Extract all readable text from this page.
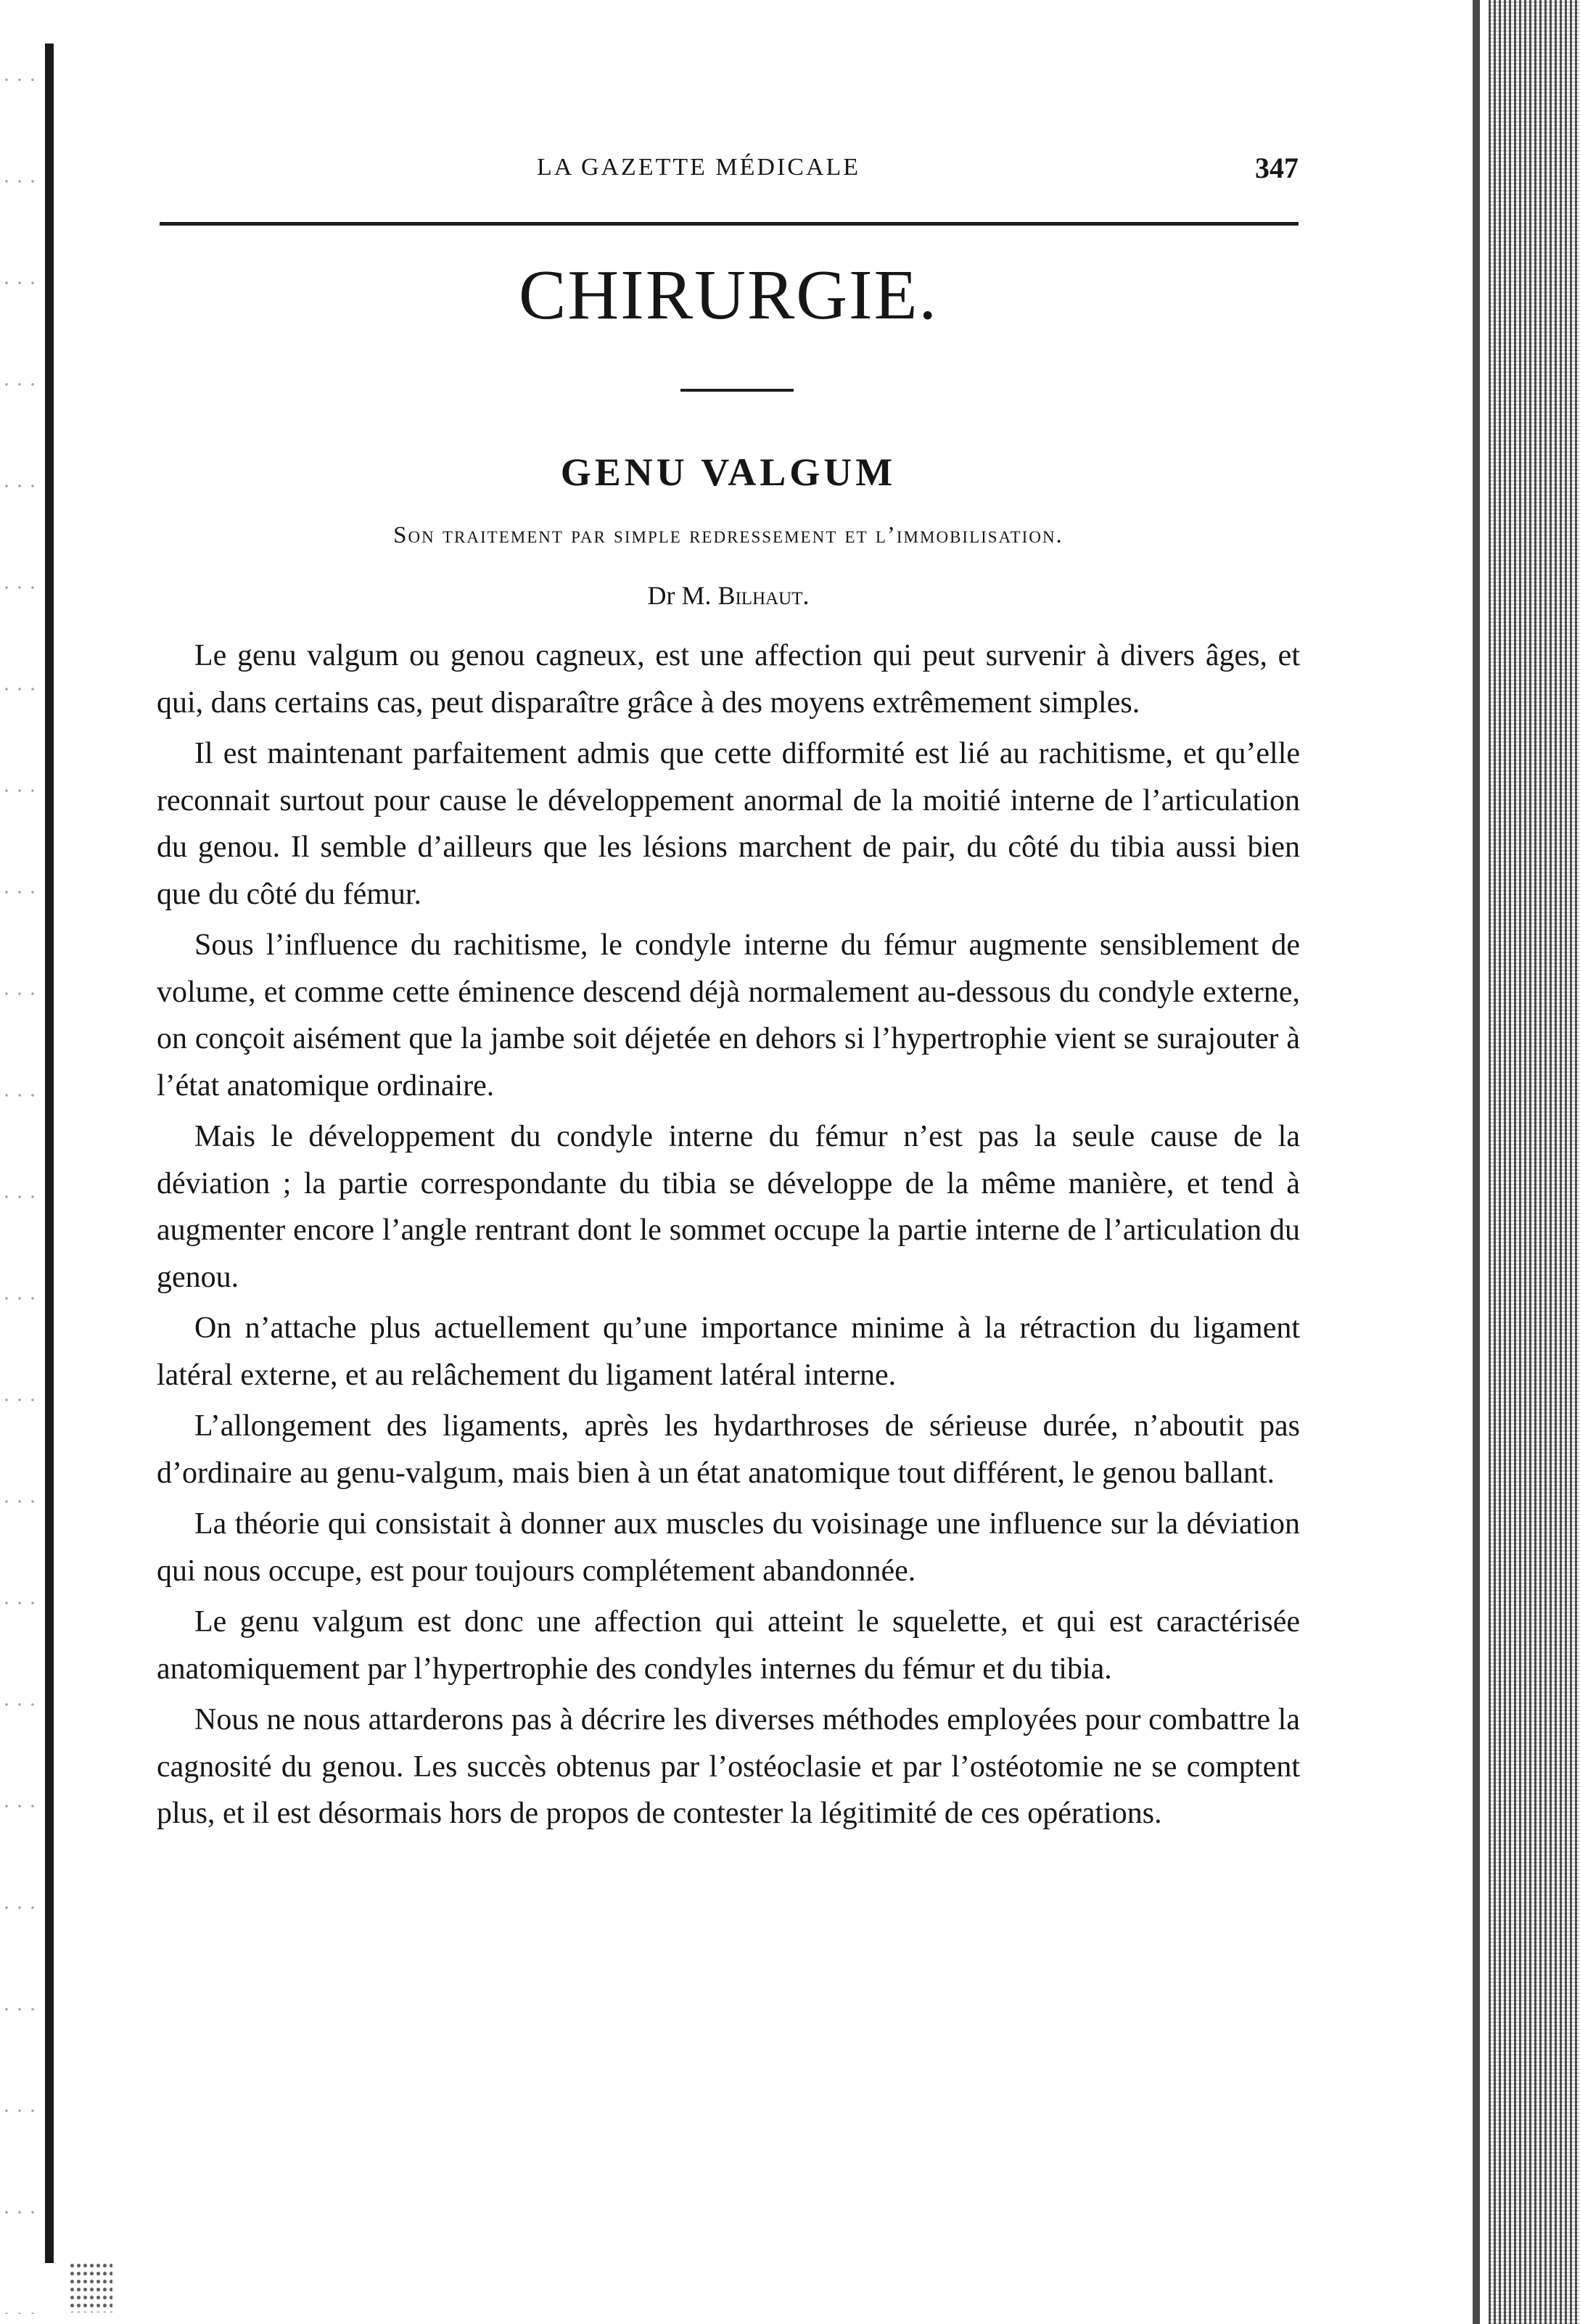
LA GAZETTE MÉDICALE	347
CHIRURGIE.
GENU VALGUM
Son traitement par simple redressement et l’immobilisation.
Dr M. Bilhaut.

Le genu valgum ou genou cagneux, est une affection qui peut survenir à divers âges, et qui, dans certains cas, peut disparaître grâce à des moyens extrêmement simples.

Il est maintenant parfaitement admis que cette difformité est lié au rachitisme, et qu’elle reconnait surtout pour cause le développement anormal de la moitié interne de l’articulation du genou. Il semble d’ailleurs que les lésions marchent de pair, du côté du tibia aussi bien que du côté du fémur.

Sous l’influence du rachitisme, le condyle interne du fémur augmente sensiblement de volume, et comme cette éminence descend déjà normalement au-dessous du condyle externe, on conçoit aisément que la jambe soit déjetée en dehors si l’hypertrophie vient se surajouter à l’état anatomique ordinaire.

Mais le développement du condyle interne du fémur n’est pas la seule cause de la déviation ; la partie correspondante du tibia se développe de la même manière, et tend à augmenter encore l’angle rentrant dont le sommet occupe la partie interne de l’articulation du genou.

On n’attache plus actuellement qu’une importance minime à la rétraction du ligament latéral externe, et au relâchement du ligament latéral interne.

L’allongement des ligaments, après les hydarthroses de sérieuse durée, n’aboutit pas d’ordinaire au genu-valgum, mais bien à un état anatomique tout différent, le genou ballant.

La théorie qui consistait à donner aux muscles du voisinage une influence sur la déviation qui nous occupe, est pour toujours complétement abandonnée.

Le genu valgum est donc une affection qui atteint le squelette, et qui est caractérisée anatomiquement par l’hypertrophie des condyles internes du fémur et du tibia.

Nous ne nous attarderons pas à décrire les diverses méthodes employées pour combattre la cagnosité du genou. Les succès obtenus par l’ostéoclasie et par l’ostéotomie ne se comptent plus, et il est désormais hors de propos de contester la légitimité de ces opérations.
